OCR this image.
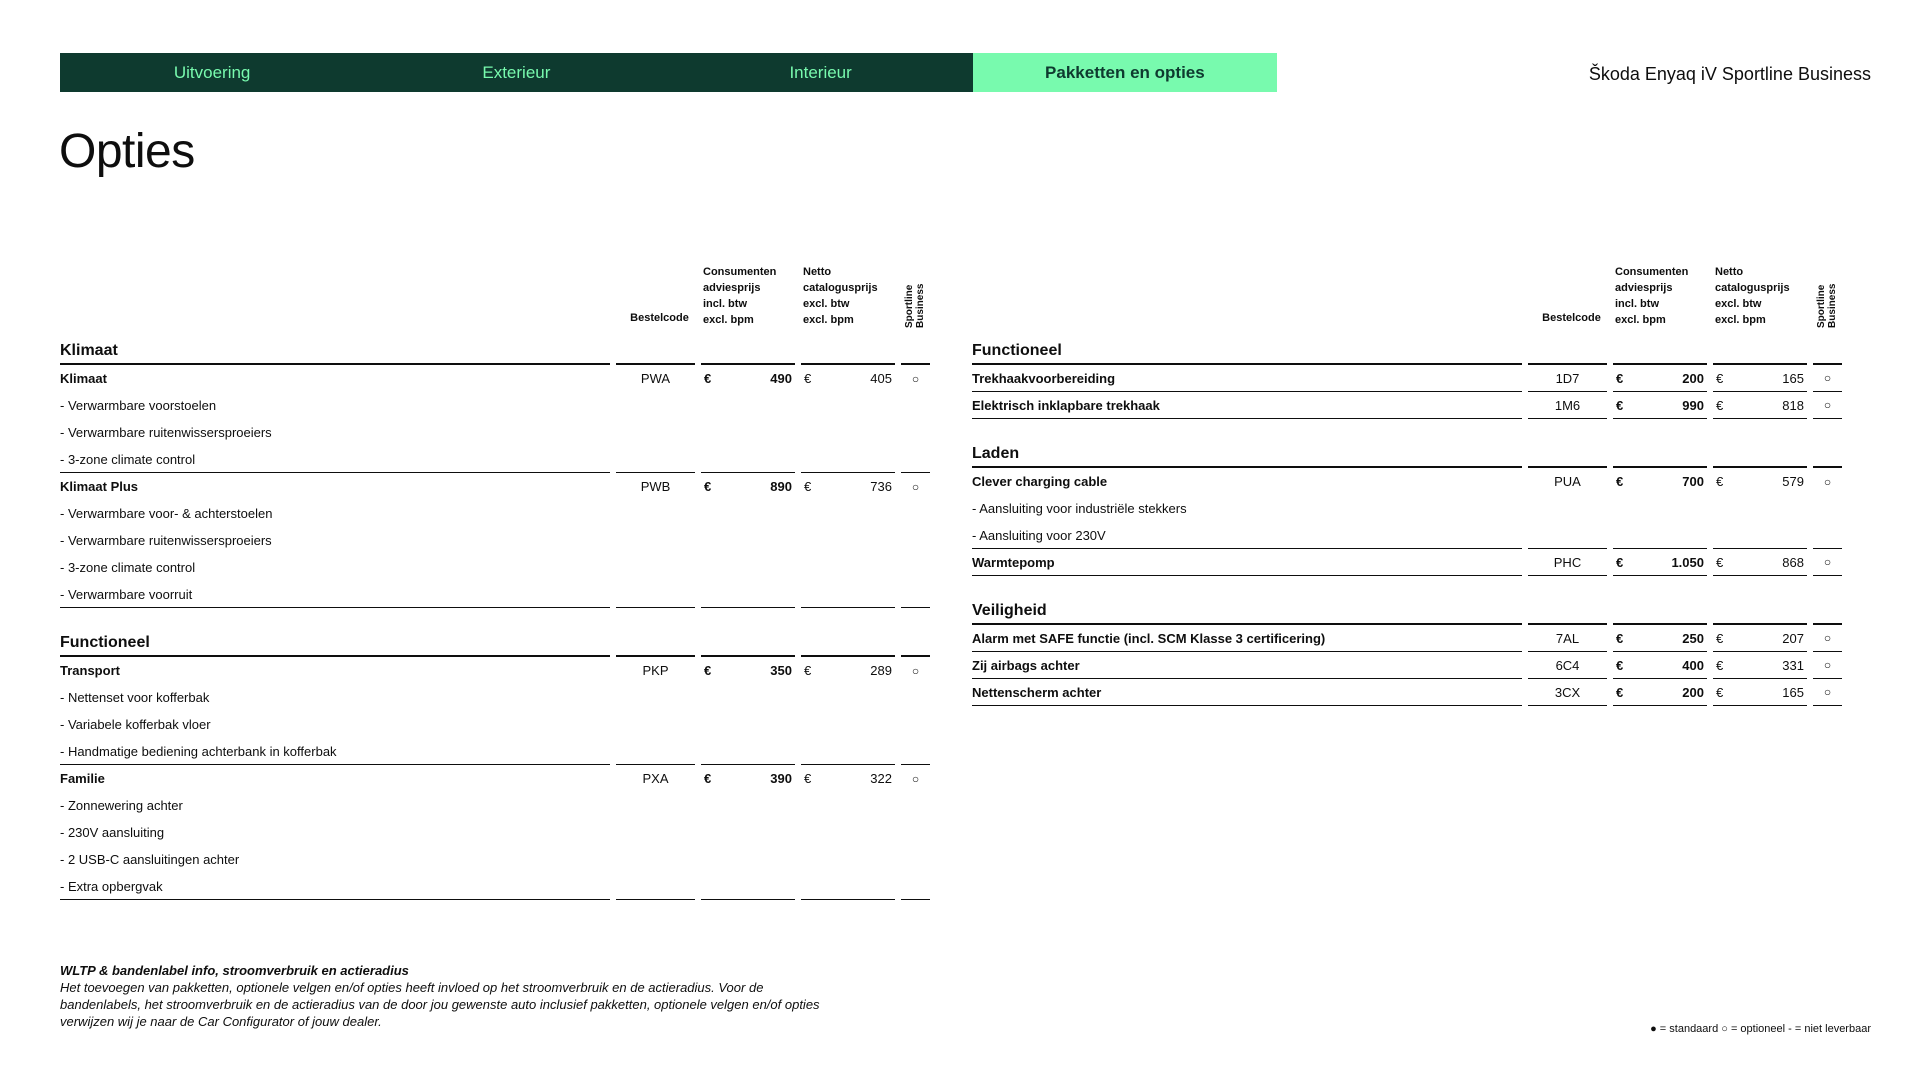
Uitvoering	Exterieur	Interieur	Pakketten en opties	Škoda Enyaq iV Sportline Business
Opties
Bestelcode
Consumenten
adviesprijs
incl. btw
excl. bpm
Netto
catalogusprijs
excl. btw
excl. bpm	Sportline Business
Klimaat
Klimaat	PWA	€	490 €	405	○
- Verwarmbare voorstoelen
- Verwarmbare ruitenwissersproeiers
- 3-zone climate control
Klimaat Plus	PWB	€	890 €	736	○
- Verwarmbare voor- & achterstoelen
- Verwarmbare ruitenwissersproeiers
- 3-zone climate control
- Verwarmbare voorruit
Functioneel
Transport	PKP	€	350 €	289	○
- Nettenset voor kofferbak
- Variabele kofferbak vloer
- Handmatige bediening achterbank in kofferbak
Familie	PXA	€	390 €	322	○
- Zonnewering achter
- 230V aansluiting
- 2 USB-C aansluitingen achter
- Extra opbergvak
Bestelcode
Consumenten
adviesprijs
incl. btw
excl. bpm
Netto
catalogusprijs
excl. btw
excl. bpm	Sportline Business
Functioneel
Trekhaakvoorbereiding	1D7	€	200 €	165	○
Elektrisch inklapbare trekhaak	1M6	€	990 €	818	○
Laden
Clever charging cable	PUA	€	700 €	579	○
- Aansluiting voor industriële stekkers
- Aansluiting voor 230V
Warmtepomp	PHC	€	1.050 €	868	○
Veiligheid
Alarm met SAFE functie (incl. SCM Klasse 3 certificering)	7AL	€	250 €	207	○
Zij airbags achter	6C4	€	400 €	331	○
Nettenscherm achter	3CX	€	200 €	165	○
WLTP & bandenlabel info, stroomverbruik en actieradius
Het toevoegen van pakketten, optionele velgen en/of opties heeft invloed op het stroomverbruik en de actieradius. Voor de bandenlabels, het stroomverbruik en de actieradius van de door jou gewenste auto inclusief pakketten, optionele velgen en/of opties verwijzen wij je naar de Car Configurator of jouw dealer.	● = standaard ○ = optioneel - = niet leverbaar
